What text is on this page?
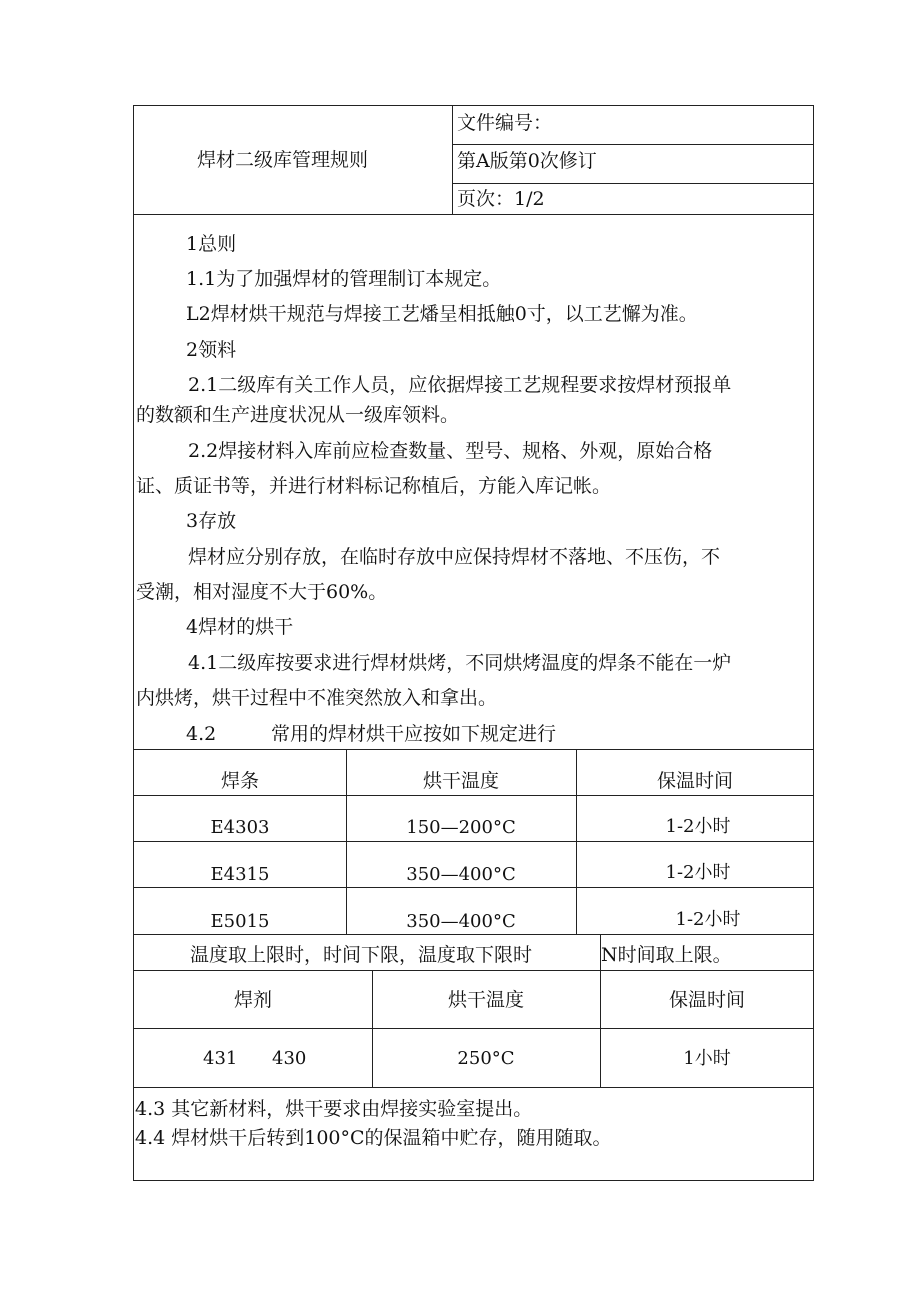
焊材二级库管理规则
文件编号：
第A版第0次修订
页次：1/2
1总则
1.1为了加强焊材的管理制订本规定。
L2焊材烘干规范与焊接工艺燔呈相抵触0寸，以工艺懈为准。
2领料
2.1二级库有关工作人员，应依据焊接工艺规程要求按焊材预报单
的数额和生产进度状况从一级库领料。
2.2焊接材料入库前应检查数量、型号、规格、外观，原始合格
证、质证书等，并进行材料标记称植后，方能入库记帐。
3存放
焊材应分别存放，在临时存放中应保持焊材不落地、不压伤，不
受潮，相对湿度不大于60%。
4焊材的烘干
4.1二级库按要求进行焊材烘烤，不同烘烤温度的焊条不能在一炉
内烘烤，烘干过程中不准突然放入和拿出。
4.2	常用的焊材烘干应按如下规定进行
焊条	烘干温度	保温时间
E4303	150—200°C	1-2小时
E4315	350—400°C	1-2小时
E5015	350—400°C	1-2小时
温度取上限时，时间下限，温度取下限时	N时间取上限。
焊剂	烘干温度	保温时间
431 430	250°C	1小时
4.3 其它新材料，烘干要求由焊接实验室提出。
4.4 焊材烘干后转到100°C的保温箱中贮存，随用随取。
